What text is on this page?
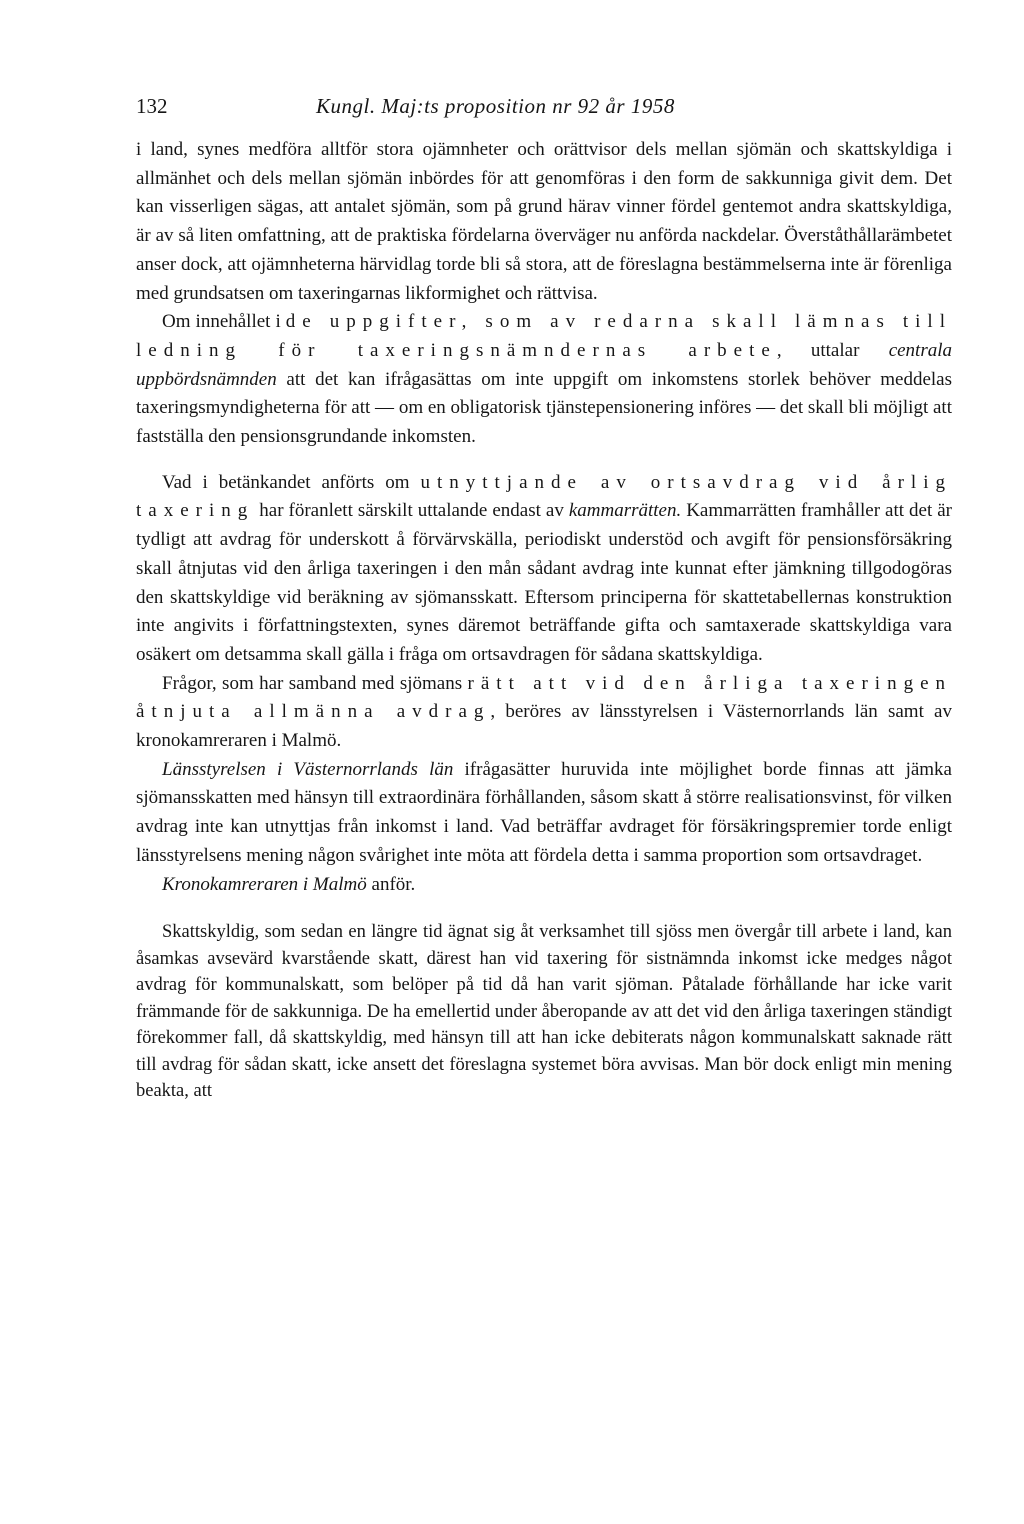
132	Kungl. Maj:ts proposition nr 92 år 1958

i land, synes medföra alltför stora ojämnheter och orättvisor dels mellan sjömän och skattskyldiga i allmänhet och dels mellan sjömän inbördes för att genomföras i den form de sakkunniga givit dem. Det kan visserligen sägas, att antalet sjömän, som på grund härav vinner fördel gentemot andra skattskyldiga, är av så liten omfattning, att de praktiska fördelarna överväger nu anförda nackdelar. Överståthållarämbetet anser dock, att ojämnheterna härvidlag torde bli så stora, att de föreslagna bestämmelserna inte är förenliga med grundsatsen om taxeringarnas likformighet och rättvisa.

Om innehållet i de uppgifter, som av redarna skall lämnas till ledning för taxeringsnämndernas arbete, uttalar centrala uppbördsnämnden att det kan ifrågasättas om inte uppgift om inkomstens storlek behöver meddelas taxeringsmyndigheterna för att — om en obligatorisk tjänstepensionering införes — det skall bli möjligt att fastställa den pensionsgrundande inkomsten.

Vad i betänkandet anförts om utnyttjande av ortsavdrag vid årlig taxering har föranlett särskilt uttalande endast av kammarrätten. Kammarrätten framhåller att det är tydligt att avdrag för underskott å förvärvskälla, periodiskt understöd och avgift för pensionsförsäkring skall åtnjutas vid den årliga taxeringen i den mån sådant avdrag inte kunnat efter jämkning tillgodogöras den skattskyldige vid beräkning av sjömansskatt. Eftersom principerna för skattetabellernas konstruktion inte angivits i författningstexten, synes däremot beträffande gifta och samtaxerade skattskyldiga vara osäkert om detsamma skall gälla i fråga om ortsavdragen för sådana skattskyldiga.

Frågor, som har samband med sjömans rätt att vid den årliga taxeringen åtnjuta allmänna avdrag, beröres av länsstyrelsen i Västernorrlands län samt av kronokamreraren i Malmö.

Länsstyrelsen i Västernorrlands län ifrågasätter huruvida inte möjlighet borde finnas att jämka sjömansskatten med hänsyn till extraordinära förhållanden, såsom skatt å större realisationsvinst, för vilken avdrag inte kan utnyttjas från inkomst i land. Vad beträffar avdraget för försäkringspremier torde enligt länsstyrelsens mening någon svårighet inte möta att fördela detta i samma proportion som ortsavdraget.

Kronokamreraren i Malmö anför.

Skattskyldig, som sedan en längre tid ägnat sig åt verksamhet till sjöss men övergår till arbete i land, kan åsamkas avsevärd kvarstående skatt, därest han vid taxering för sistnämnda inkomst icke medges något avdrag för kommunalskatt, som belöper på tid då han varit sjöman. Påtalade förhållande har icke varit främmande för de sakkunniga. De ha emellertid under åberopande av att det vid den årliga taxeringen ständigt förekommer fall, då skattskyldig, med hänsyn till att han icke debiterats någon kommunalskatt saknade rätt till avdrag för sådan skatt, icke ansett det föreslagna systemet böra avvisas. Man bör dock enligt min mening beakta, att
